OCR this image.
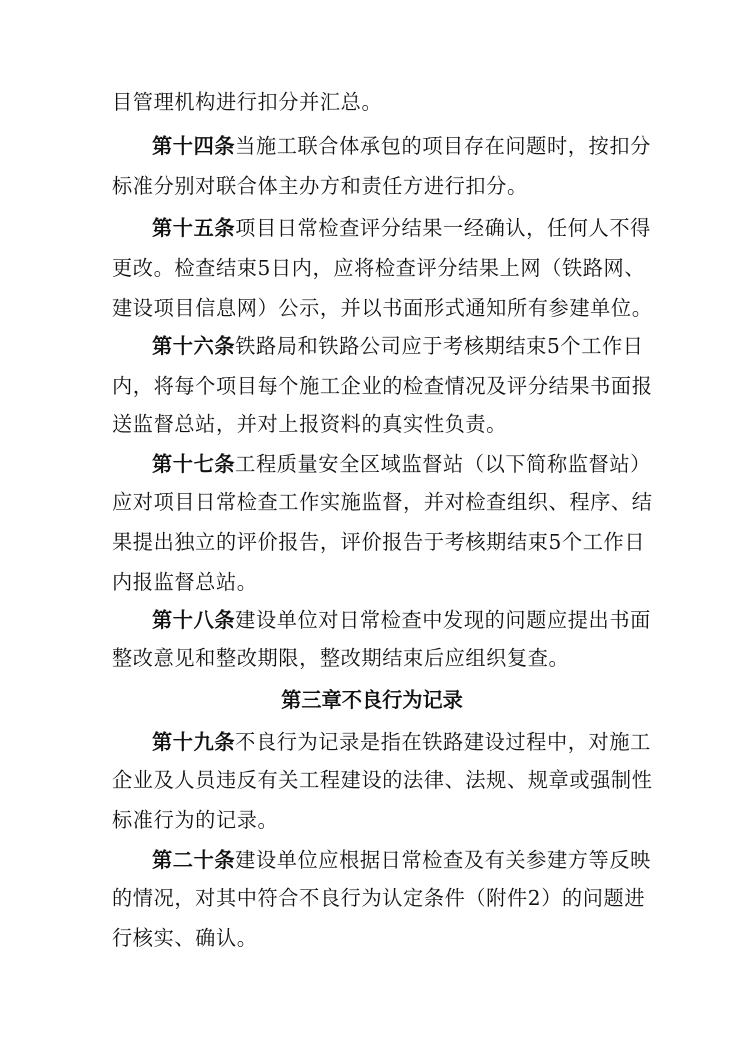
目管理机构进行扣分并汇总。
第十四条当施工联合体承包的项目存在问题时，按扣分
标准分别对联合体主办方和责任方进行扣分。
第十五条项目日常检查评分结果一经确认，任何人不得
更改。检查结束5日内，应将检查评分结果上网（铁路网、
建设项目信息网）公示，并以书面形式通知所有参建单位。
第十六条铁路局和铁路公司应于考核期结束5个工作日
内，将每个项目每个施工企业的检查情况及评分结果书面报
送监督总站，并对上报资料的真实性负责。
第十七条工程质量安全区域监督站（以下简称监督站）
应对项目日常检查工作实施监督，并对检查组织、程序、结
果提出独立的评价报告，评价报告于考核期结束5个工作日
内报监督总站。
第十八条建设单位对日常检查中发现的问题应提出书面
整改意见和整改期限，整改期结束后应组织复查。
第三章不良行为记录
第十九条不良行为记录是指在铁路建设过程中，对施工
企业及人员违反有关工程建设的法律、法规、规章或强制性
标准行为的记录。
第二十条建设单位应根据日常检查及有关参建方等反映
的情况，对其中符合不良行为认定条件（附件2）的问题进
行核实、确认。
